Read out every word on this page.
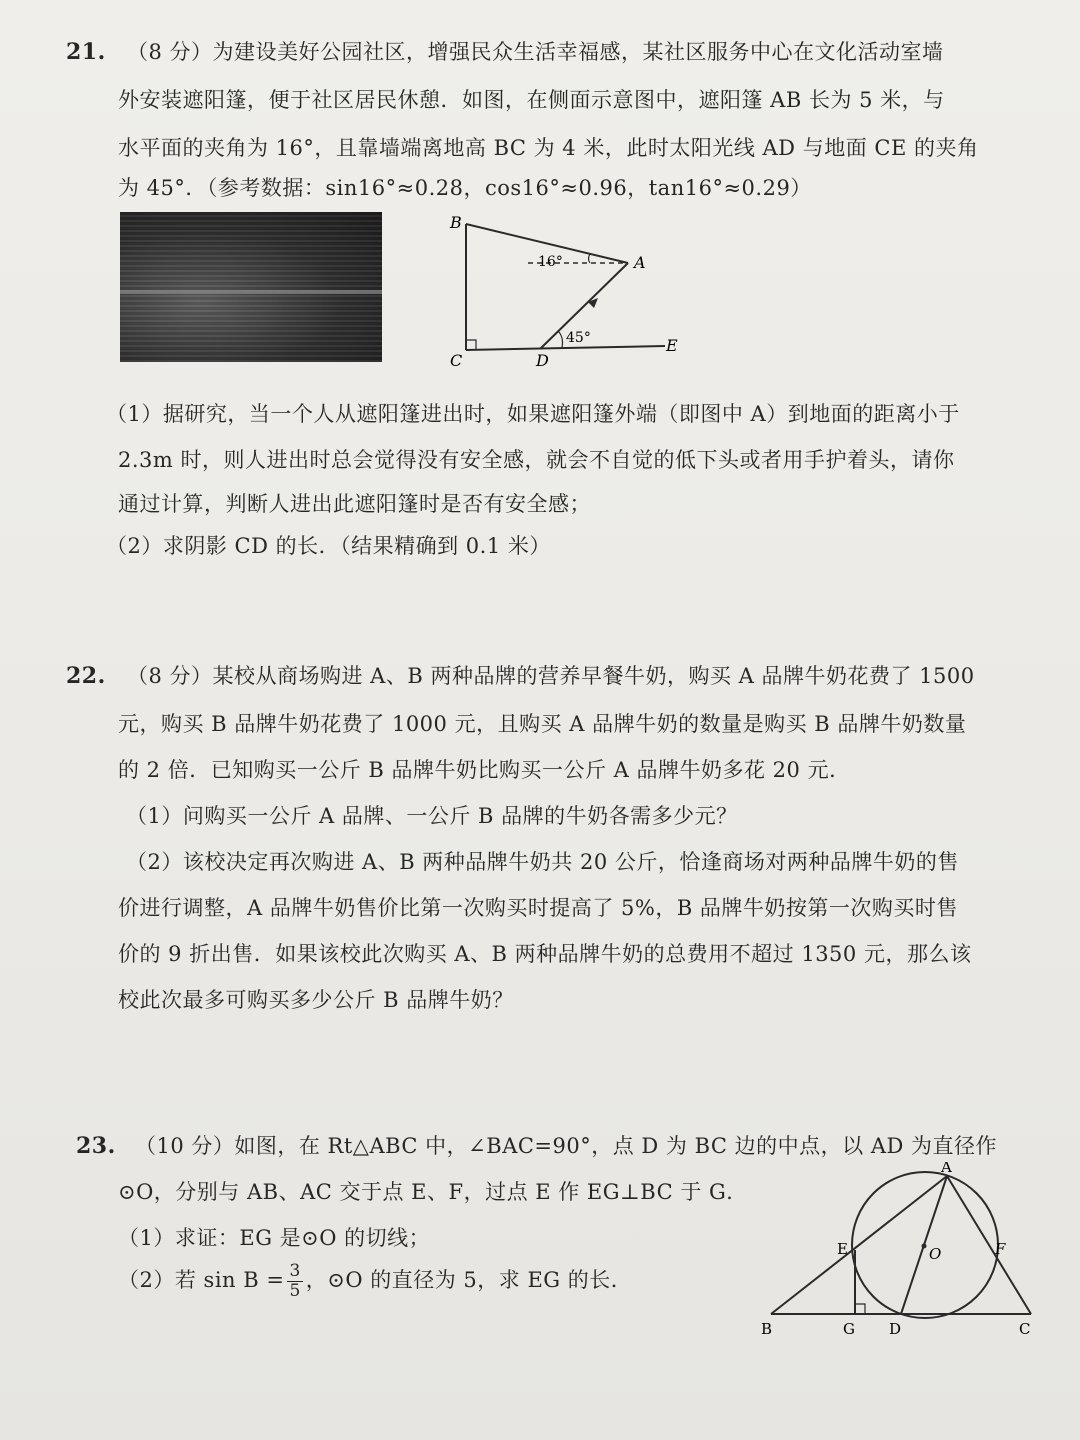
21. （8 分）为建设美好公园社区，增强民众生活幸福感，某社区服务中心在文化活动室墙
外安装遮阳篷，便于社区居民休憩．如图，在侧面示意图中，遮阳篷 AB 长为 5 米，与
水平面的夹角为 16°，且靠墙端离地高 BC 为 4 米，此时太阳光线 AD 与地面 CE 的夹角
为 45°．（参考数据：sin16°≈0.28，cos16°≈0.96，tan16°≈0.29）
B
A
C	D
E
16°
45°
（1）据研究，当一个人从遮阳篷进出时，如果遮阳篷外端（即图中 A）到地面的距离小于
2.3m 时，则人进出时总会觉得没有安全感，就会不自觉的低下头或者用手护着头，请你
通过计算，判断人进出此遮阳篷时是否有安全感；
（2）求阴影 CD 的长．（结果精确到 0.1 米）
22. （8 分）某校从商场购进 A、B 两种品牌的营养早餐牛奶，购买 A 品牌牛奶花费了 1500
元，购买 B 品牌牛奶花费了 1000 元，且购买 A 品牌牛奶的数量是购买 B 品牌牛奶数量
的 2 倍．已知购买一公斤 B 品牌牛奶比购买一公斤 A 品牌牛奶多花 20 元．
（1）问购买一公斤 A 品牌、一公斤 B 品牌的牛奶各需多少元？
（2）该校决定再次购进 A、B 两种品牌牛奶共 20 公斤，恰逢商场对两种品牌牛奶的售
价进行调整，A 品牌牛奶售价比第一次购买时提高了 5%，B 品牌牛奶按第一次购买时售
价的 9 折出售．如果该校此次购买 A、B 两种品牌牛奶的总费用不超过 1350 元，那么该
校此次最多可购买多少公斤 B 品牌牛奶？
23. （10 分）如图，在 Rt△ABC 中，∠BAC=90°，点 D 为 BC 边的中点，以 AD 为直径作
⊙O，分别与 AB、AC 交于点 E、F，过点 E 作 EG⊥BC 于 G．
（1）求证：EG 是⊙O 的切线；
（2）若 $\sin B = \frac{3}{5}$ ，⊙O 的直径为 5，求 EG 的长．
A
B	C
D
E	F
G
O
